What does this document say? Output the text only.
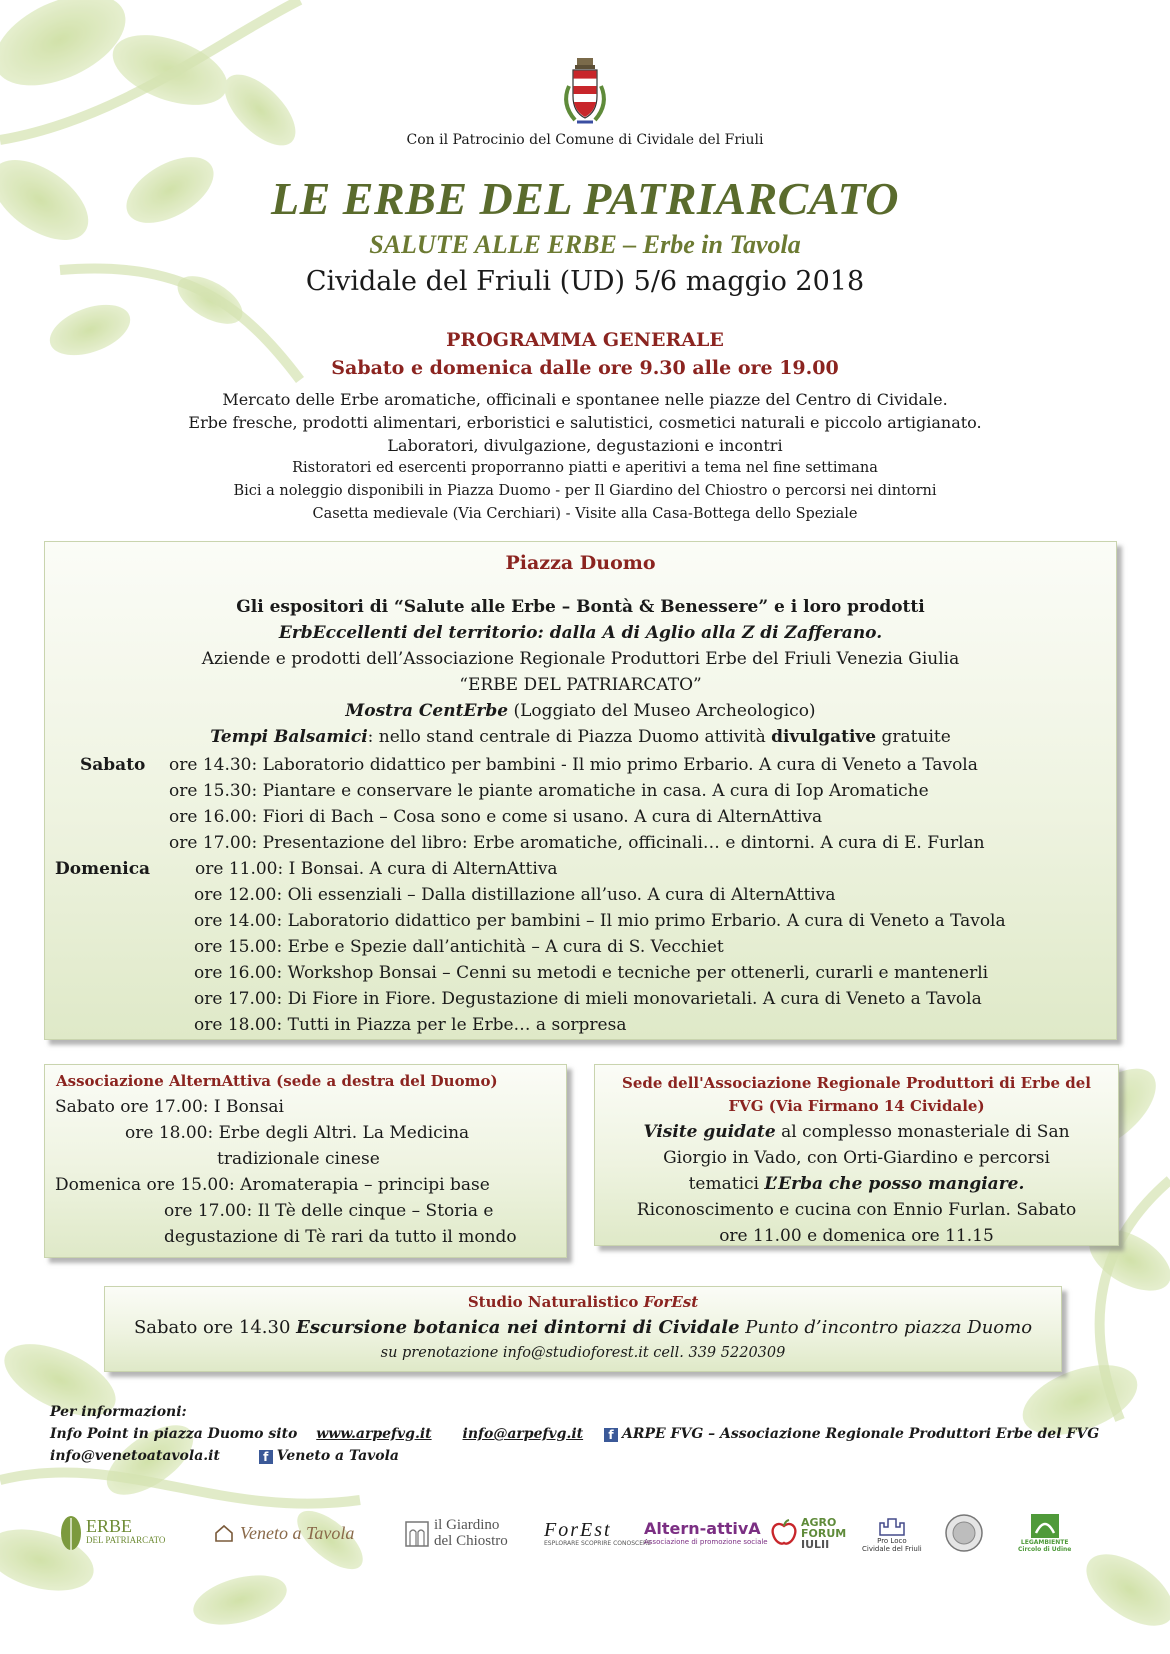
Con il Patrocinio del Comune di Cividale del Friuli
LE ERBE DEL PATRIARCATO
SALUTE ALLE ERBE – Erbe in Tavola
Cividale del Friuli (UD) 5/6 maggio 2018
PROGRAMMA GENERALE
Sabato e domenica dalle ore 9.30 alle ore 19.00
Mercato delle Erbe aromatiche, officinali e spontanee nelle piazze del Centro di Cividale.
Erbe fresche, prodotti alimentari, erboristici e salutistici, cosmetici naturali e piccolo artigianato.
Laboratori, divulgazione, degustazioni e incontri
Ristoratori ed esercenti proporranno piatti e aperitivi a tema nel fine settimana
Bici a noleggio disponibili in Piazza Duomo - per Il Giardino del Chiostro o percorsi nei dintorni
Casetta medievale (Via Cerchiari) - Visite alla Casa-Bottega dello Speziale
Piazza Duomo
Gli espositori di “Salute alle Erbe – Bontà & Benessere” e i loro prodotti
ErbEccellenti del territorio: dalla A di Aglio alla Z di Zafferano.
Aziende e prodotti dell’Associazione Regionale Produttori Erbe del Friuli Venezia Giulia
“ERBE DEL PATRIARCATO”
Mostra CentErbe (Loggiato del Museo Archeologico)
Tempi Balsamici: nello stand centrale di Piazza Duomo attività divulgative gratuite
Sabato ore 14.30: Laboratorio didattico per bambini - Il mio primo Erbario. A cura di Veneto a Tavola
ore 15.30: Piantare e conservare le piante aromatiche in casa. A cura di Iop Aromatiche
ore 16.00: Fiori di Bach – Cosa sono e come si usano. A cura di AlternAttiva
ore 17.00: Presentazione del libro: Erbe aromatiche, officinali… e dintorni. A cura di E. Furlan
Domenica	ore 11.00: I Bonsai. A cura di AlternAttiva
ore 12.00: Oli essenziali – Dalla distillazione all’uso. A cura di AlternAttiva
ore 14.00: Laboratorio didattico per bambini – Il mio primo Erbario. A cura di Veneto a Tavola
ore 15.00: Erbe e Spezie dall’antichità – A cura di S. Vecchiet
ore 16.00: Workshop Bonsai – Cenni su metodi e tecniche per ottenerli, curarli e mantenerli
ore 17.00: Di Fiore in Fiore. Degustazione di mieli monovarietali. A cura di Veneto a Tavola
ore 18.00: Tutti in Piazza per le Erbe… a sorpresa
Associazione AlternAttiva (sede a destra del Duomo)
Sabato ore 17.00: I Bonsai
ore 18.00: Erbe degli Altri. La Medicina
tradizionale cinese
Domenica ore 15.00: Aromaterapia – principi base
ore 17.00: Il Tè delle cinque – Storia e
degustazione di Tè rari da tutto il mondo
Sede dell'Associazione Regionale Produttori di Erbe del
FVG (Via Firmano 14 Cividale)
Visite guidate al complesso monasteriale di San
Giorgio in Vado, con Orti-Giardino e percorsi
tematici L’Erba che posso mangiare.
Riconoscimento e cucina con Ennio Furlan. Sabato
ore 11.00 e domenica ore 11.15
Studio Naturalistico ForEst
Sabato ore 14.30 Escursione botanica nei dintorni di Cividale Punto d’incontro piazza Duomo
su prenotazione info@studioforest.it cell. 339 5220309
Per informazioni:
Info Point in piazza Duomo sito www.arpefvg.it info@arpefvg.it f ARPE FVG – Associazione Regionale Produttori Erbe del FVG
info@venetoatavola.it	f Veneto a Tavola
ERBE
DEL PATRIARCATO	Veneto a Tavola	il Giardino
del Chiostro
ForEst
ESPLORARE SCOPRIRE CONOSCERE
Altern-attivA
Associazione di promozione sociale
AGRO
FORUM
IULII	Pro Loco
Cividale del Friuli
LEGAMBIENTE
Circolo di Udine
